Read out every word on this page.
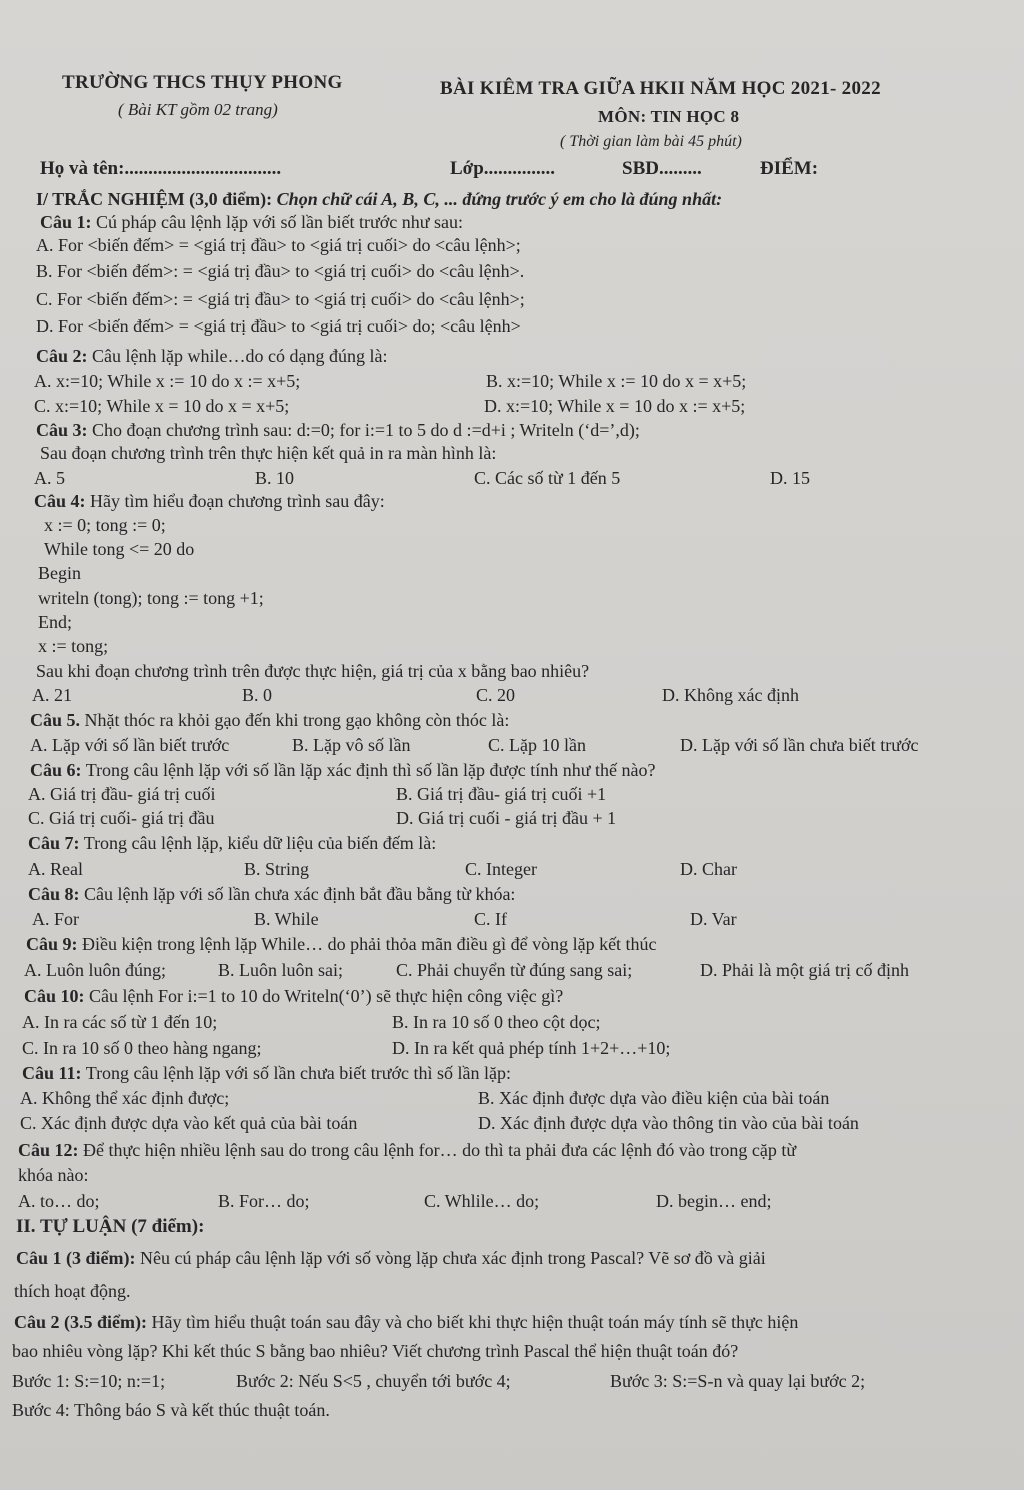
TRƯỜNG THCS THỤY PHONG
( Bài KT gồm 02 trang)
BÀI KIÊM TRA GIỮA HKII NĂM HỌC 2021- 2022
MÔN: TIN HỌC 8
( Thời gian làm bài 45 phút)
Họ và tên:.................................	Lớp...............	SBD.........	ĐIỂM:
I/ TRẮC NGHIỆM (3,0 điểm): Chọn chữ cái A, B, C, ... đứng trước ý em cho là đúng nhất:
Câu 1: Cú pháp câu lệnh lặp với số lần biết trước như sau:
A. For <biến đếm> = <giá trị đầu> to <giá trị cuối> do <câu lệnh>;
B. For <biến đếm>: = <giá trị đầu> to <giá trị cuối> do <câu lệnh>.
C. For <biến đếm>: = <giá trị đầu> to <giá trị cuối> do <câu lệnh>;
D. For <biến đếm> = <giá trị đầu> to <giá trị cuối> do; <câu lệnh>
Câu 2: Câu lệnh lặp while…do có dạng đúng là:
A. x:=10; While x := 10 do x := x+5;	B. x:=10; While x := 10 do x = x+5;
C. x:=10; While x = 10 do x = x+5;	D. x:=10; While x = 10 do x := x+5;
Câu 3: Cho đoạn chương trình sau: d:=0; for i:=1 to 5 do d :=d+i ; Writeln (‘d=’,d);
Sau đoạn chương trình trên thực hiện kết quả in ra màn hình là:
A. 5	B. 10	C. Các số từ 1 đến 5	D. 15
Câu 4: Hãy tìm hiểu đoạn chương trình sau đây:
x := 0; tong := 0;
While tong <= 20 do
Begin
writeln (tong); tong := tong +1;
End;
x := tong;
Sau khi đoạn chương trình trên được thực hiện, giá trị của x bằng bao nhiêu?
A. 21	B. 0	C. 20	D. Không xác định
Câu 5. Nhặt thóc ra khỏi gạo đến khi trong gạo không còn thóc là:
A. Lặp với số lần biết trước	B. Lặp vô số lần	C. Lặp 10 lần	D. Lặp với số lần chưa biết trước
Câu 6: Trong câu lệnh lặp với số lần lặp xác định thì số lần lặp được tính như thế nào?
A. Giá trị đầu- giá trị cuối	B. Giá trị đầu- giá trị cuối +1
C. Giá trị cuối- giá trị đầu	D. Giá trị cuối - giá trị đầu + 1
Câu 7: Trong câu lệnh lặp, kiểu dữ liệu của biến đếm là:
A. Real	B. String	C. Integer	D. Char
Câu 8: Câu lệnh lặp với số lần chưa xác định bắt đầu bằng từ khóa:
A. For	B. While	C. If	D. Var
Câu 9: Điều kiện trong lệnh lặp While… do phải thỏa mãn điều gì để vòng lặp kết thúc
A. Luôn luôn đúng;	B. Luôn luôn sai;	C. Phải chuyển từ đúng sang sai;	D. Phải là một giá trị cố định
Câu 10: Câu lệnh For i:=1 to 10 do Writeln(‘0’) sẽ thực hiện công việc gì?
A. In ra các số từ 1 đến 10;	B. In ra 10 số 0 theo cột dọc;
C. In ra 10 số 0 theo hàng ngang;	D. In ra kết quả phép tính 1+2+…+10;
Câu 11: Trong câu lệnh lặp với số lần chưa biết trước thì số lần lặp:
A. Không thể xác định được;	B. Xác định được dựa vào điều kiện của bài toán
C. Xác định được dựa vào kết quả của bài toán	D. Xác định được dựa vào thông tin vào của bài toán
Câu 12: Để thực hiện nhiều lệnh sau do trong câu lệnh for… do thì ta phải đưa các lệnh đó vào trong cặp từ
khóa nào:
A. to… do;	B. For… do;	C. Whlile… do;	D. begin… end;
II. TỰ LUẬN (7 điểm):
Câu 1 (3 điểm): Nêu cú pháp câu lệnh lặp với số vòng lặp chưa xác định trong Pascal? Vẽ sơ đồ và giải
thích hoạt động.
Câu 2 (3.5 điểm): Hãy tìm hiểu thuật toán sau đây và cho biết khi thực hiện thuật toán máy tính sẽ thực hiện
bao nhiêu vòng lặp? Khi kết thúc S bằng bao nhiêu? Viết chương trình Pascal thể hiện thuật toán đó?
Bước 1: S:=10; n:=1;	Bước 2: Nếu S<5 , chuyển tới bước 4;	Bước 3: S:=S-n và quay lại bước 2;
Bước 4: Thông báo S và kết thúc thuật toán.
